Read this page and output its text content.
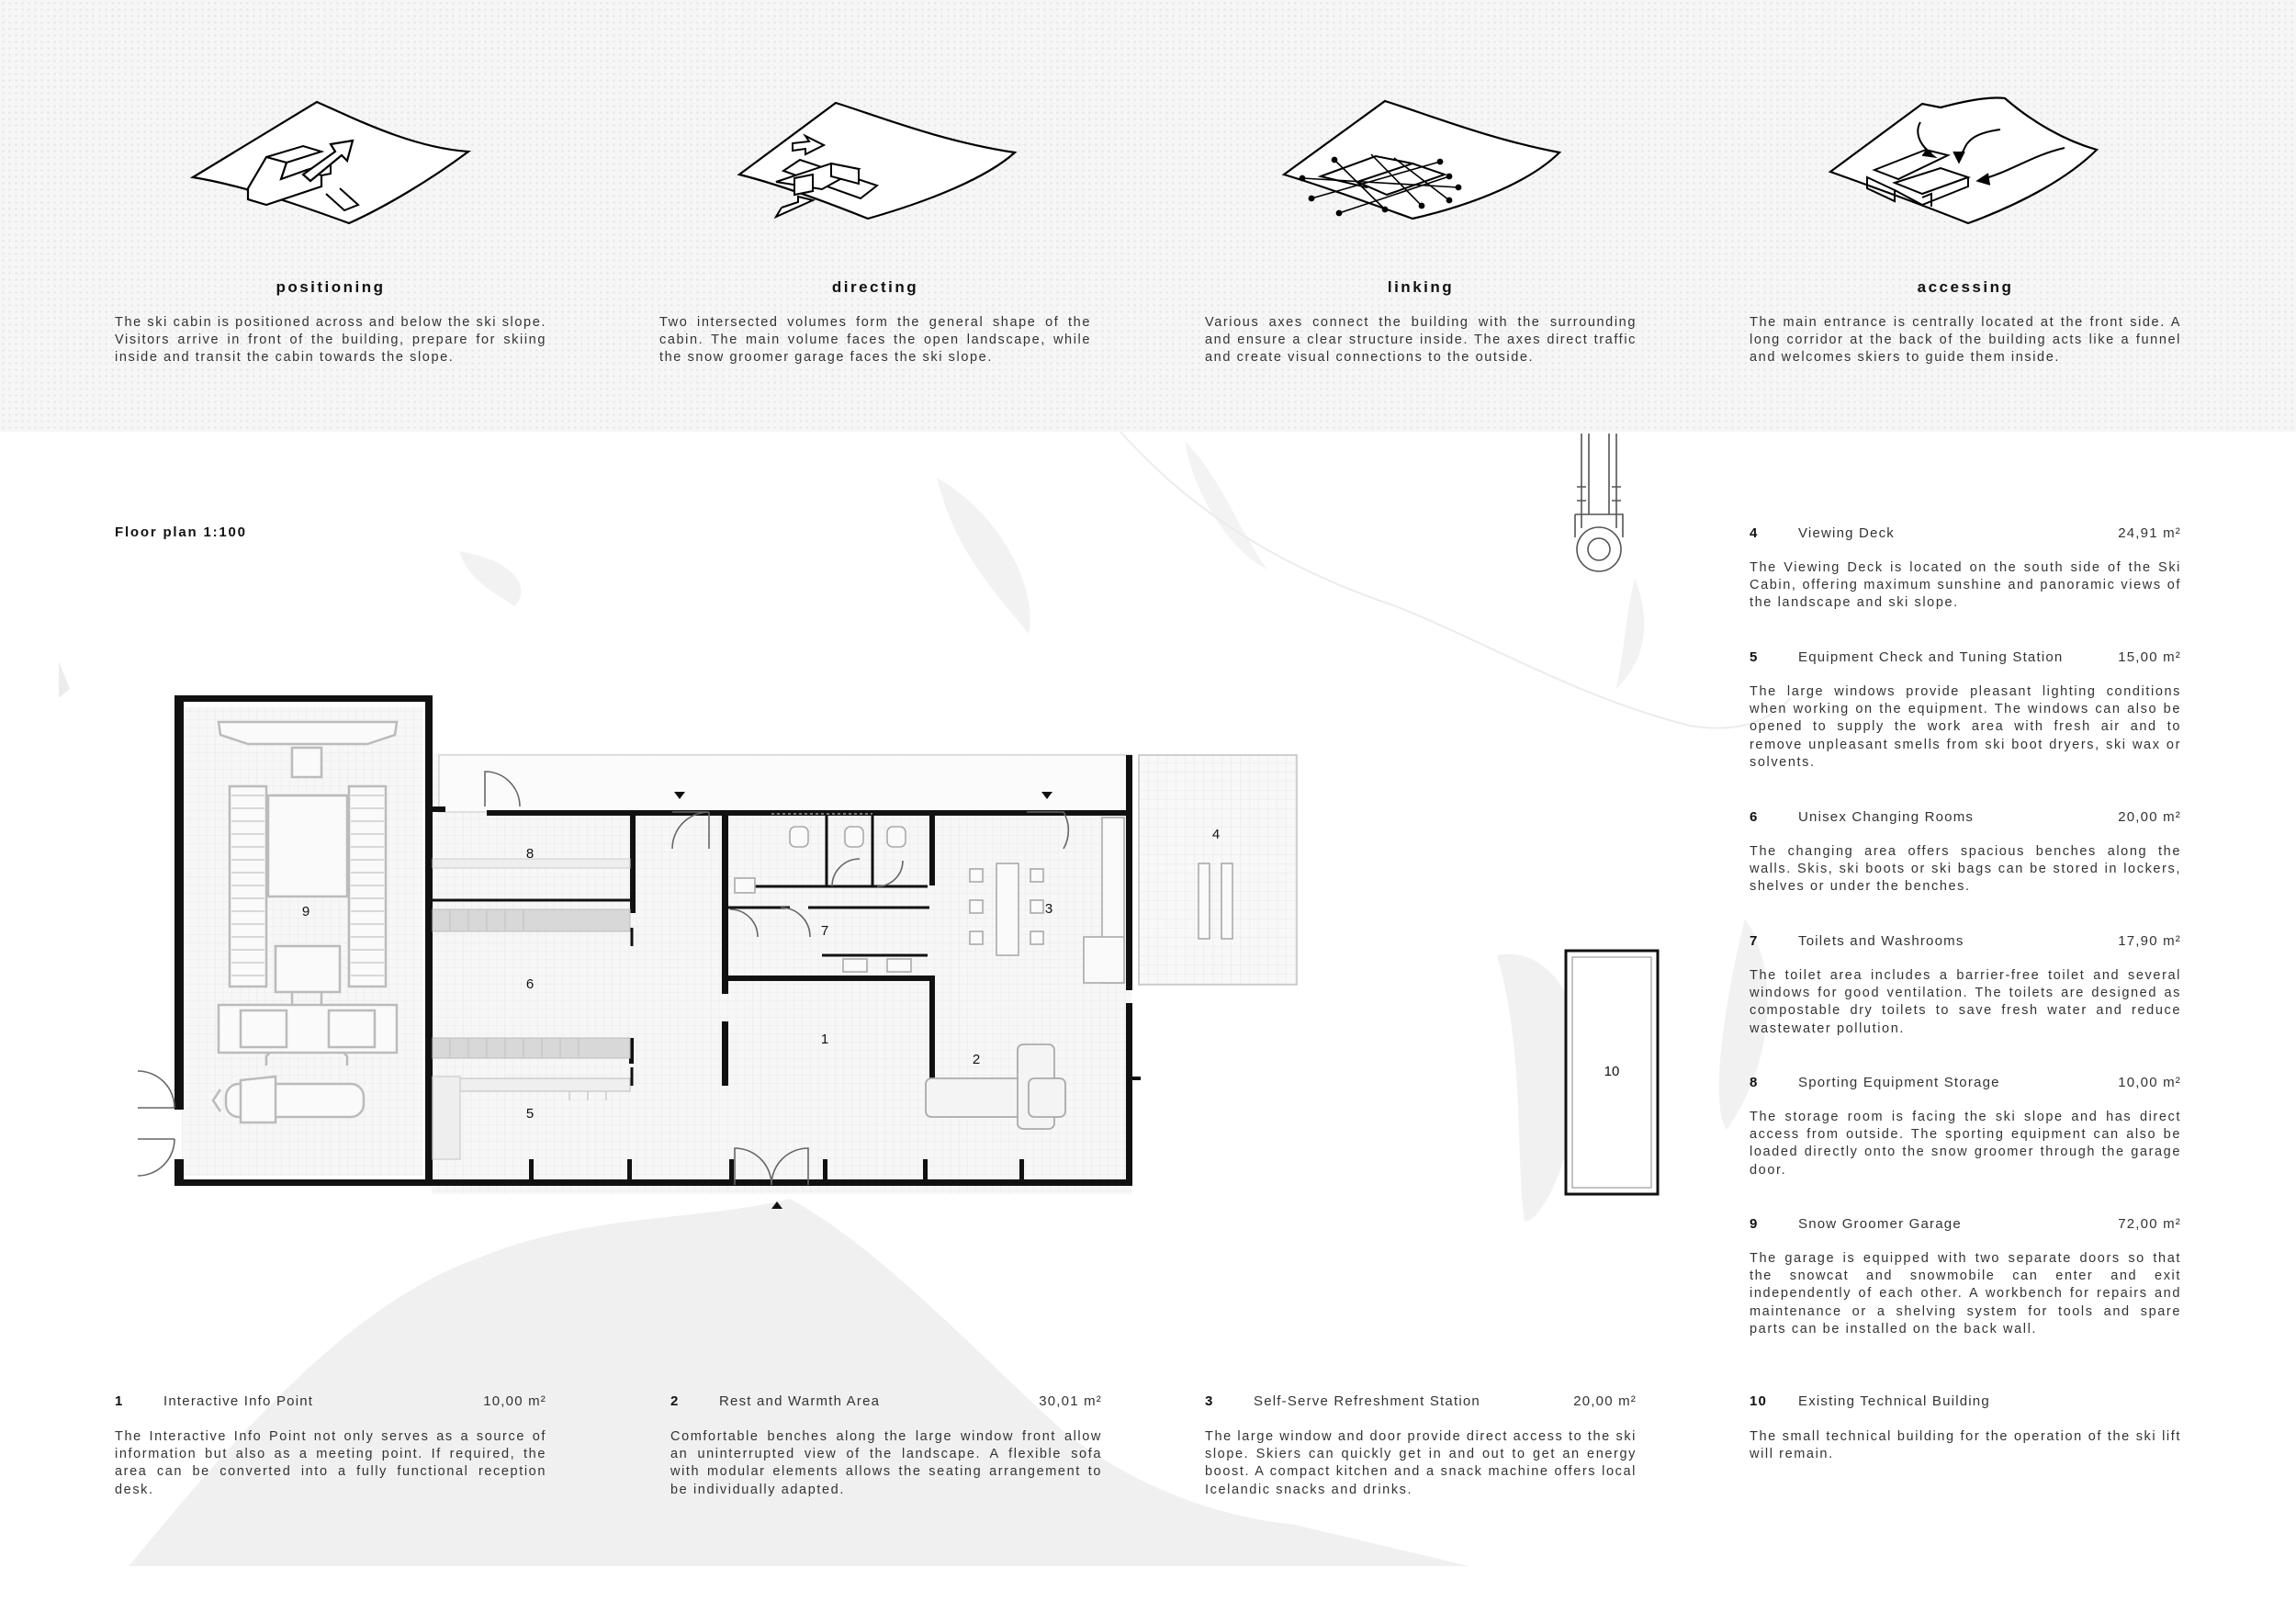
positioning	directing	linking	accessing

The ski cabin is positioned across and below the ski slope. Visitors arrive in front of the building, prepare for skiing inside and transit the cabin towards the slope.

Two intersected volumes form the general shape of the cabin. The main volume faces the open landscape, while the snow groomer garage faces the ski slope.

Various axes connect the building with the surrounding and ensure a clear structure inside. The axes direct traffic and create visual connections to the outside.

The main entrance is centrally located at the front side. A long corridor at the back of the building acts like a funnel and welcomes skiers to guide them inside.

Floor plan 1:100
1
2
3
4
5
6
7
8
9
10
4	Viewing Deck	24,91 m²

The Viewing Deck is located on the south side of the Ski Cabin, offering maximum sunshine and panoramic views of the landscape and ski slope.

5	Equipment Check and Tuning Station	15,00 m²

The large windows provide pleasant lighting conditions when working on the equipment. The windows can also be opened to supply the work area with fresh air and to remove unpleasant smells from ski boot dryers, ski wax or solvents.

6	Unisex Changing Rooms	20,00 m²

The changing area offers spacious benches along the walls. Skis, ski boots or ski bags can be stored in lockers, shelves or under the benches.

7	Toilets and Washrooms	17,90 m²

The toilet area includes a barrier-free toilet and several windows for good ventilation. The toilets are designed as compostable dry toilets to save fresh water and reduce wastewater pollution.

8	Sporting Equipment Storage	10,00 m²

The storage room is facing the ski slope and has direct access from outside. The sporting equipment can also be loaded directly onto the snow groomer through the garage door.

9	Snow Groomer Garage	72,00 m²

The garage is equipped with two separate doors so that the snowcat and snowmobile can enter and exit independently of each other. A workbench for repairs and maintenance or a shelving system for tools and spare parts can be installed on the back wall.

10 Existing Technical Building

The small technical building for the operation of the ski lift will remain.

1	Interactive Info Point	10,00 m²

The Interactive Info Point not only serves as a source of information but also as a meeting point. If required, the area can be converted into a fully functional reception desk.

2	Rest and Warmth Area	30,01 m²

Comfortable benches along the large window front allow an uninterrupted view of the landscape. A flexible sofa with modular elements allows the seating arrangement to be individually adapted.

3	Self-Serve Refreshment Station	20,00 m²

The large window and door provide direct access to the ski slope. Skiers can quickly get in and out to get an energy boost. A compact kitchen and a snack machine offers local Icelandic snacks and drinks.
